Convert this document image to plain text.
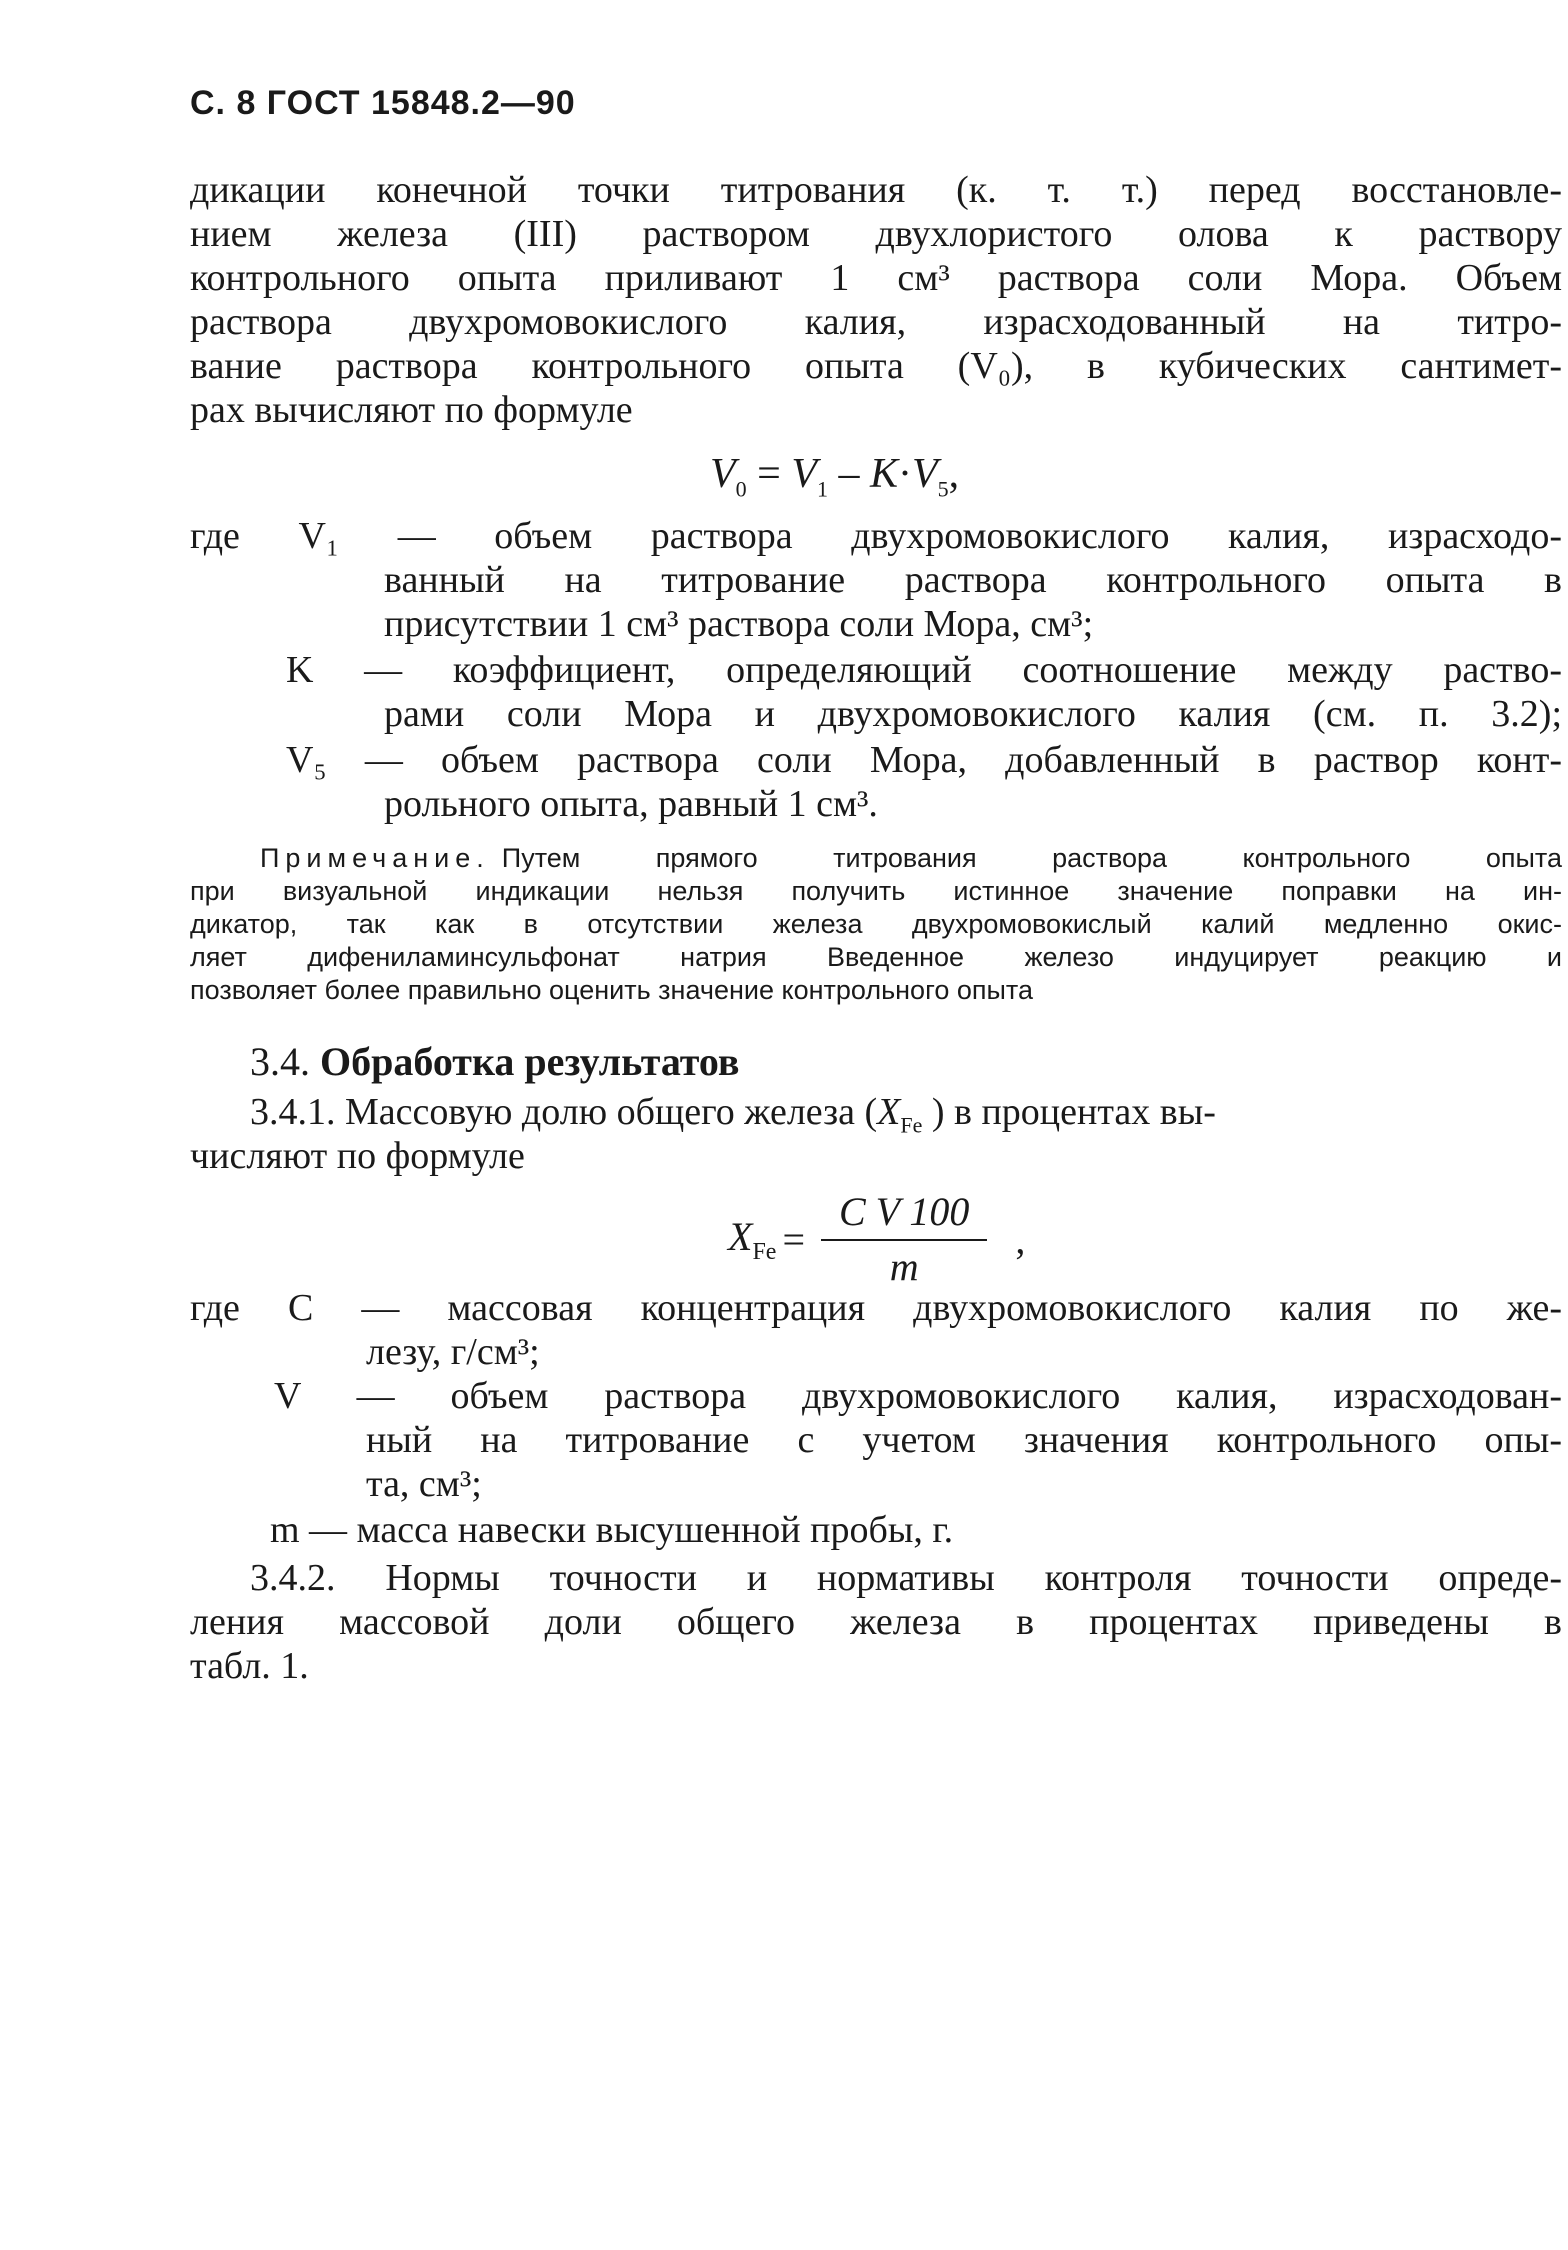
С. 8 ГОСТ 15848.2—90
дикации конечной точки титрования (к. т. т.) перед восстановле-
нием железа (III) раствором двухлористого олова к раствору
контрольного опыта приливают 1 см³ раствора соли Мора. Объем
раствора двухромовокислого калия, израсходованный на титро-
вание раствора контрольного опыта (V₀), в кубических сантимет-
рах вычисляют по формуле
$V_0 = V_1 - K\cdot V_5$,
где V₁ — объем раствора двухромовокислого калия, израсходо-
ванный на титрование раствора контрольного опыта в
присутствии 1 см³ раствора соли Мора, см³;
K — коэффициент, определяющий соотношение между раство-
рами соли Мора и двухромовокислого калия (см. п. 3.2);
V₅ — объем раствора соли Мора, добавленный в раствор конт-
рольного опыта, равный 1 см³.
Примечание. Путем прямого титрования раствора контрольного опыта
при визуальной индикации нельзя получить истинное значение поправки на ин-
дикатор, так как в отсутствии железа двухромовокислый калий медленно окис-
ляет дифениламинсульфонат натрия Введенное железо индуцирует реакцию и
позволяет более правильно оценить значение контрольного опыта
3.4. Обработка результатов
3.4.1. Массовую долю общего железа ($X_{Fe}$ ) в процентах вы-
числяют по формуле
$X_{Fe} = \frac{\text{C V 100}}{m}$ ,
где C — массовая концентрация двухромовокислого калия по же-
лезу, г/см³;
V — объем раствора двухромовокислого калия, израсходован-
ный на титрование с учетом значения контрольного опы-
та, см³;
m — масса навески высушенной пробы, г.
3.4.2. Нормы точности и нормативы контроля точности опреде-
ления массовой доли общего железа в процентах приведены в
табл. 1.
